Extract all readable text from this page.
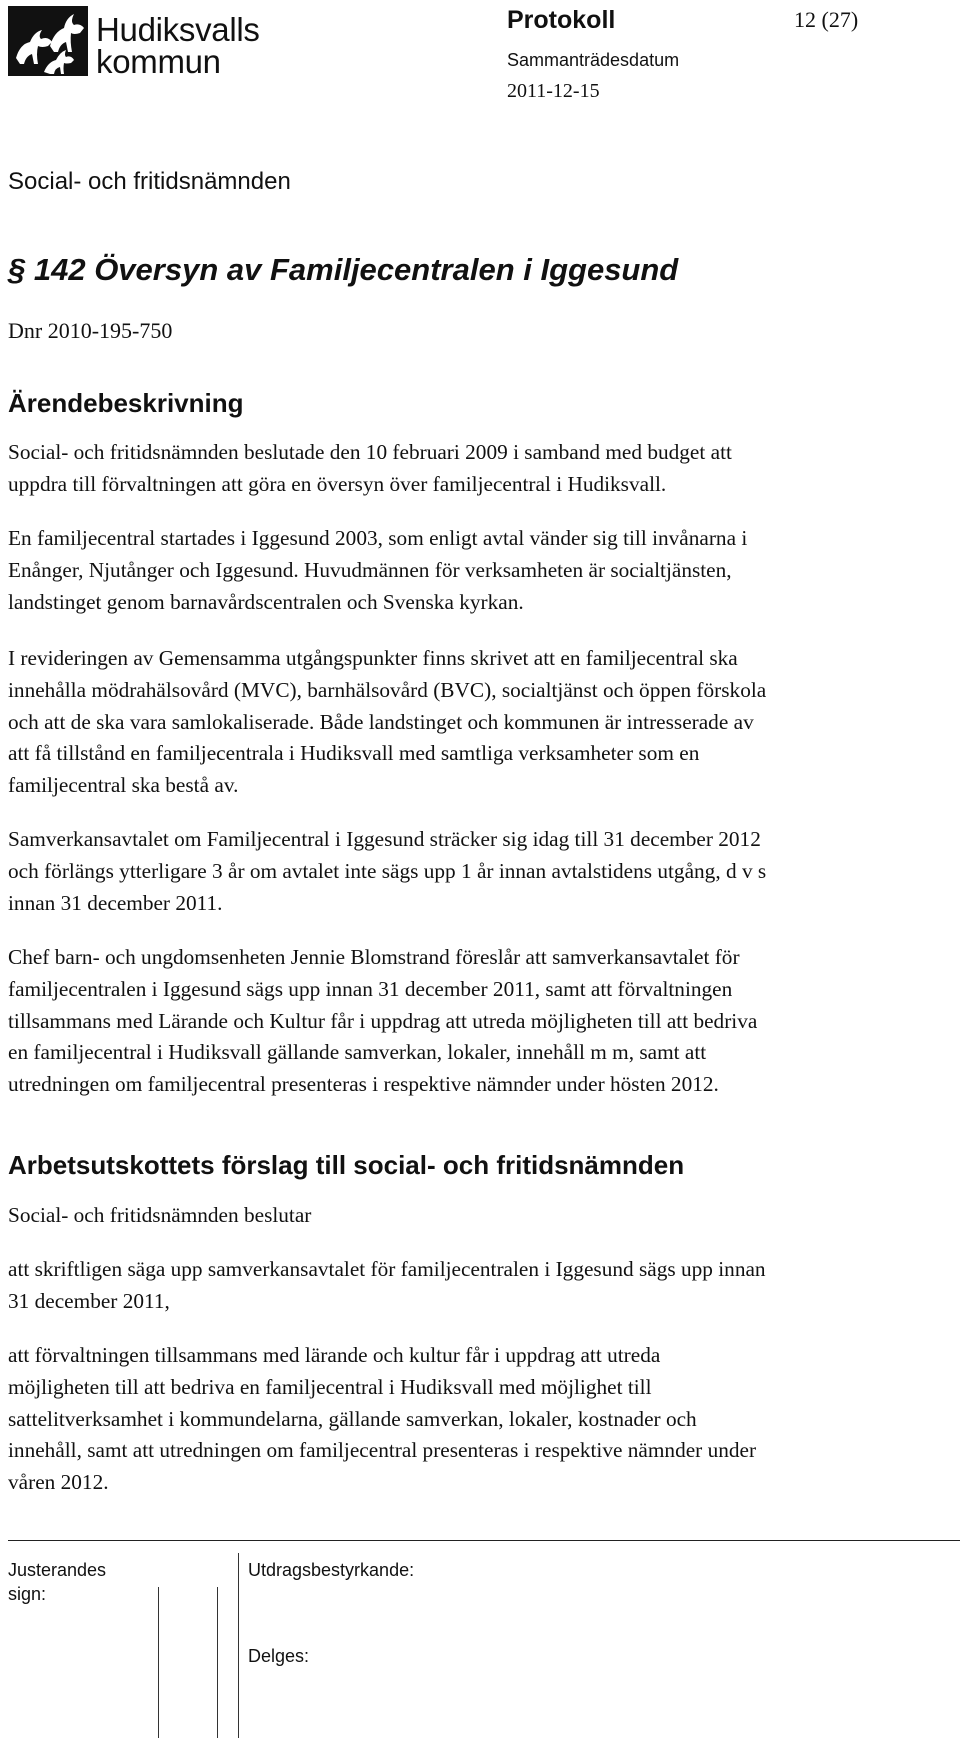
Hudiksvalls
kommun
Protokoll	12 (27)
Sammanträdesdatum
2011-12-15
Social- och fritidsnämnden
§ 142 Översyn av Familjecentralen i Iggesund
Dnr 2010-195-750
Ärendebeskrivning
Social- och fritidsnämnden beslutade den 10 februari 2009 i samband med budget att
uppdra till förvaltningen att göra en översyn över familjecentral i Hudiksvall.
En familjecentral startades i Iggesund 2003, som enligt avtal vänder sig till invånarna i
Enånger, Njutånger och Iggesund. Huvudmännen för verksamheten är socialtjänsten,
landstinget genom barnavårdscentralen och Svenska kyrkan.
I revideringen av Gemensamma utgångspunkter finns skrivet att en familjecentral ska
innehålla mödrahälsovård (MVC), barnhälsovård (BVC), socialtjänst och öppen förskola
och att de ska vara samlokaliserade. Både landstinget och kommunen är intresserade av
att få tillstånd en familjecentrala i Hudiksvall med samtliga verksamheter som en
familjecentral ska bestå av.
Samverkansavtalet om Familjecentral i Iggesund sträcker sig idag till 31 december 2012
och förlängs ytterligare 3 år om avtalet inte sägs upp 1 år innan avtalstidens utgång, d v s
innan 31 december 2011.
Chef barn- och ungdomsenheten Jennie Blomstrand föreslår att samverkansavtalet för
familjecentralen i Iggesund sägs upp innan 31 december 2011, samt att förvaltningen
tillsammans med Lärande och Kultur får i uppdrag att utreda möjligheten till att bedriva
en familjecentral i Hudiksvall gällande samverkan, lokaler, innehåll m m, samt att
utredningen om familjecentral presenteras i respektive nämnder under hösten 2012.
Arbetsutskottets förslag till social- och fritidsnämnden
Social- och fritidsnämnden beslutar
att skriftligen säga upp samverkansavtalet för familjecentralen i Iggesund sägs upp innan
31 december 2011,
att förvaltningen tillsammans med lärande och kultur får i uppdrag att utreda
möjligheten till att bedriva en familjecentral i Hudiksvall med möjlighet till
sattelitverksamhet i kommundelarna, gällande samverkan, lokaler, kostnader och
innehåll, samt att utredningen om familjecentral presenteras i respektive nämnder under
våren 2012.
Justerandes
sign:
Utdragsbestyrkande:
Delges:
